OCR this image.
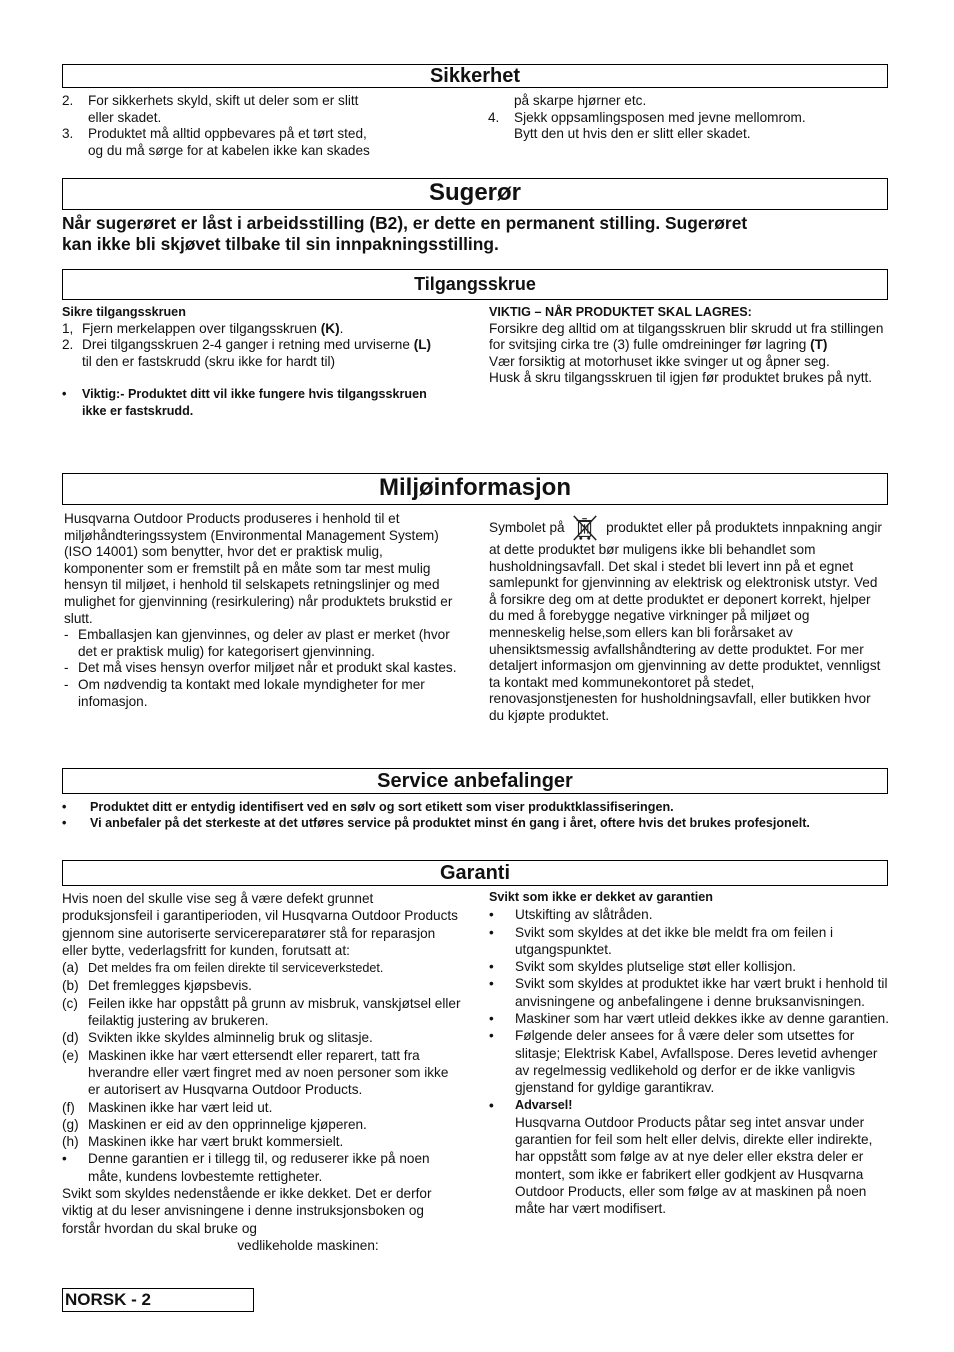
Sikkerhet
2. For sikkerhets skyld, skift ut deler som er slitt

eller skadet.

3. Produktet må alltid oppbevares på et tørt sted,

og du må sørge for at kabelen ikke kan skades

på skarpe hjørner etc.

4. Sjekk oppsamlingsposen med jevne mellomrom.

Bytt den ut hvis den er slitt eller skadet.

Sugerør

Når sugerøret er låst i arbeidsstilling (B2), er dette en permanent stilling. Sugerøret

kan ikke bli skjøvet tilbake til sin innpakningsstilling.

Tilgangsskrue

Sikre tilgangsskruen

1, Fjern merkelappen over tilgangsskruen (K).
2. Drei tilgangsskruen 2-4 ganger i retning med urviserne (L) til den er fastskrudd (skru ikke for hardt til)
• Viktig:- Produktet ditt vil ikke fungere hvis tilgangsskruen ikke er fastskrudd.

VIKTIG – NÅR PRODUKTET SKAL LAGRES:

Forsikre deg alltid om at tilgangsskruen blir skrudd ut fra stillingen for svitsjing cirka tre (3) fulle omdreininger før lagring (T)

Vær forsiktig at motorhuset ikke svinger ut og åpner seg.

Husk å skru tilgangsskruen til igjen før produktet brukes på nytt.

Miljøinformasjon

Husqvarna Outdoor Products produseres i henhold til et miljøhåndteringssystem (Environmental Management System) (ISO 14001) som benytter, hvor det er praktisk mulig, komponenter som er fremstilt på en måte som tar mest mulig hensyn til miljøet, i henhold til selskapets retningslinjer og med mulighet for gjenvinning (resirkulering) når produktets brukstid er slutt.

- Emballasjen kan gjenvinnes, og deler av plast er merket (hvor det er praktisk mulig) for kategorisert gjenvinning.
- Det må vises hensyn overfor miljøet når et produkt skal kastes.
- Om nødvendig ta kontakt med lokale myndigheter for mer infomasjon.

Symbolet på	produktet eller på produktets innpakning angir at dette produktet bør muligens ikke bli behandlet som husholdningsavfall. Det skal i stedet bli levert inn på et egnet samlepunkt for gjenvinning av elektrisk og elektronisk utstyr. Ved å forsikre deg om at dette produktet er deponert korrekt, hjelper du med å forebygge negative virkninger på miljøet og menneskelig helse,som ellers kan bli forårsaket av uhensiktsmessig avfallshåndtering av dette produktet. For mer detaljert informasjon om gjenvinning av dette produktet, vennligst ta kontakt med kommunekontoret på stedet, renovasjonstjenesten for husholdningsavfall, eller butikken hvor du kjøpte produktet.

Service anbefalinger
• Produktet ditt er entydig identifisert ved en sølv og sort etikett som viser produktklassifiseringen.
• Vi anbefaler på det sterkeste at det utføres service på produktet minst én gang i året, oftere hvis det brukes profesjonelt.
Garanti

Hvis noen del skulle vise seg å være defekt grunnet produksjonsfeil i garantiperioden, vil Husqvarna Outdoor Products gjennom sine autoriserte servicereparatører stå for reparasjon eller bytte, vederlagsfritt for kunden, forutsatt at:

(a) Det meldes fra om feilen direkte til serviceverkstedet.
(b) Det fremlegges kjøpsbevis.
(c) Feilen ikke har oppstått på grunn av misbruk, vanskjøtsel eller feilaktig justering av brukeren.
(d) Svikten ikke skyldes alminnelig bruk og slitasje.
(e) Maskinen ikke har vært ettersendt eller reparert, tatt fra hverandre eller vært fingret med av noen personer som ikke er autorisert av Husqvarna Outdoor Products.
(f) Maskinen ikke har vært leid ut.
(g) Maskinen er eid av den opprinnelige kjøperen.
(h) Maskinen ikke har vært brukt kommersielt.
• Denne garantien er i tillegg til, og reduserer ikke på noen måte, kundens lovbestemte rettigheter.

Svikt som skyldes nedenstående er ikke dekket. Det er derfor viktig at du leser anvisningene i denne instruksjonsboken og forstår hvordan du skal bruke og

vedlikeholde maskinen:

Svikt som ikke er dekket av garantien

• Utskifting av slåtråden.
• Svikt som skyldes at det ikke ble meldt fra om feilen i utgangspunktet.
• Svikt som skyldes plutselige støt eller kollisjon.
• Svikt som skyldes at produktet ikke har vært brukt i henhold til anvisningene og anbefalingene i denne bruksanvisningen.
• Maskiner som har vært utleid dekkes ikke av denne garantien.
• Følgende deler ansees for å være deler som utsettes for slitasje; Elektrisk Kabel, Avfallspose. Deres levetid avhenger av regelmessig vedlikehold og derfor er de ikke vanligvis gjenstand for gyldige garantikrav.
• Advarsel!

Husqvarna Outdoor Products påtar seg intet ansvar under garantien for feil som helt eller delvis, direkte eller indirekte, har oppstått som følge av at nye deler eller ekstra deler er montert, som ikke er fabrikert eller godkjent av Husqvarna Outdoor Products, eller som følge av at maskinen på noen måte har vært modifisert.

NORSK - 2
